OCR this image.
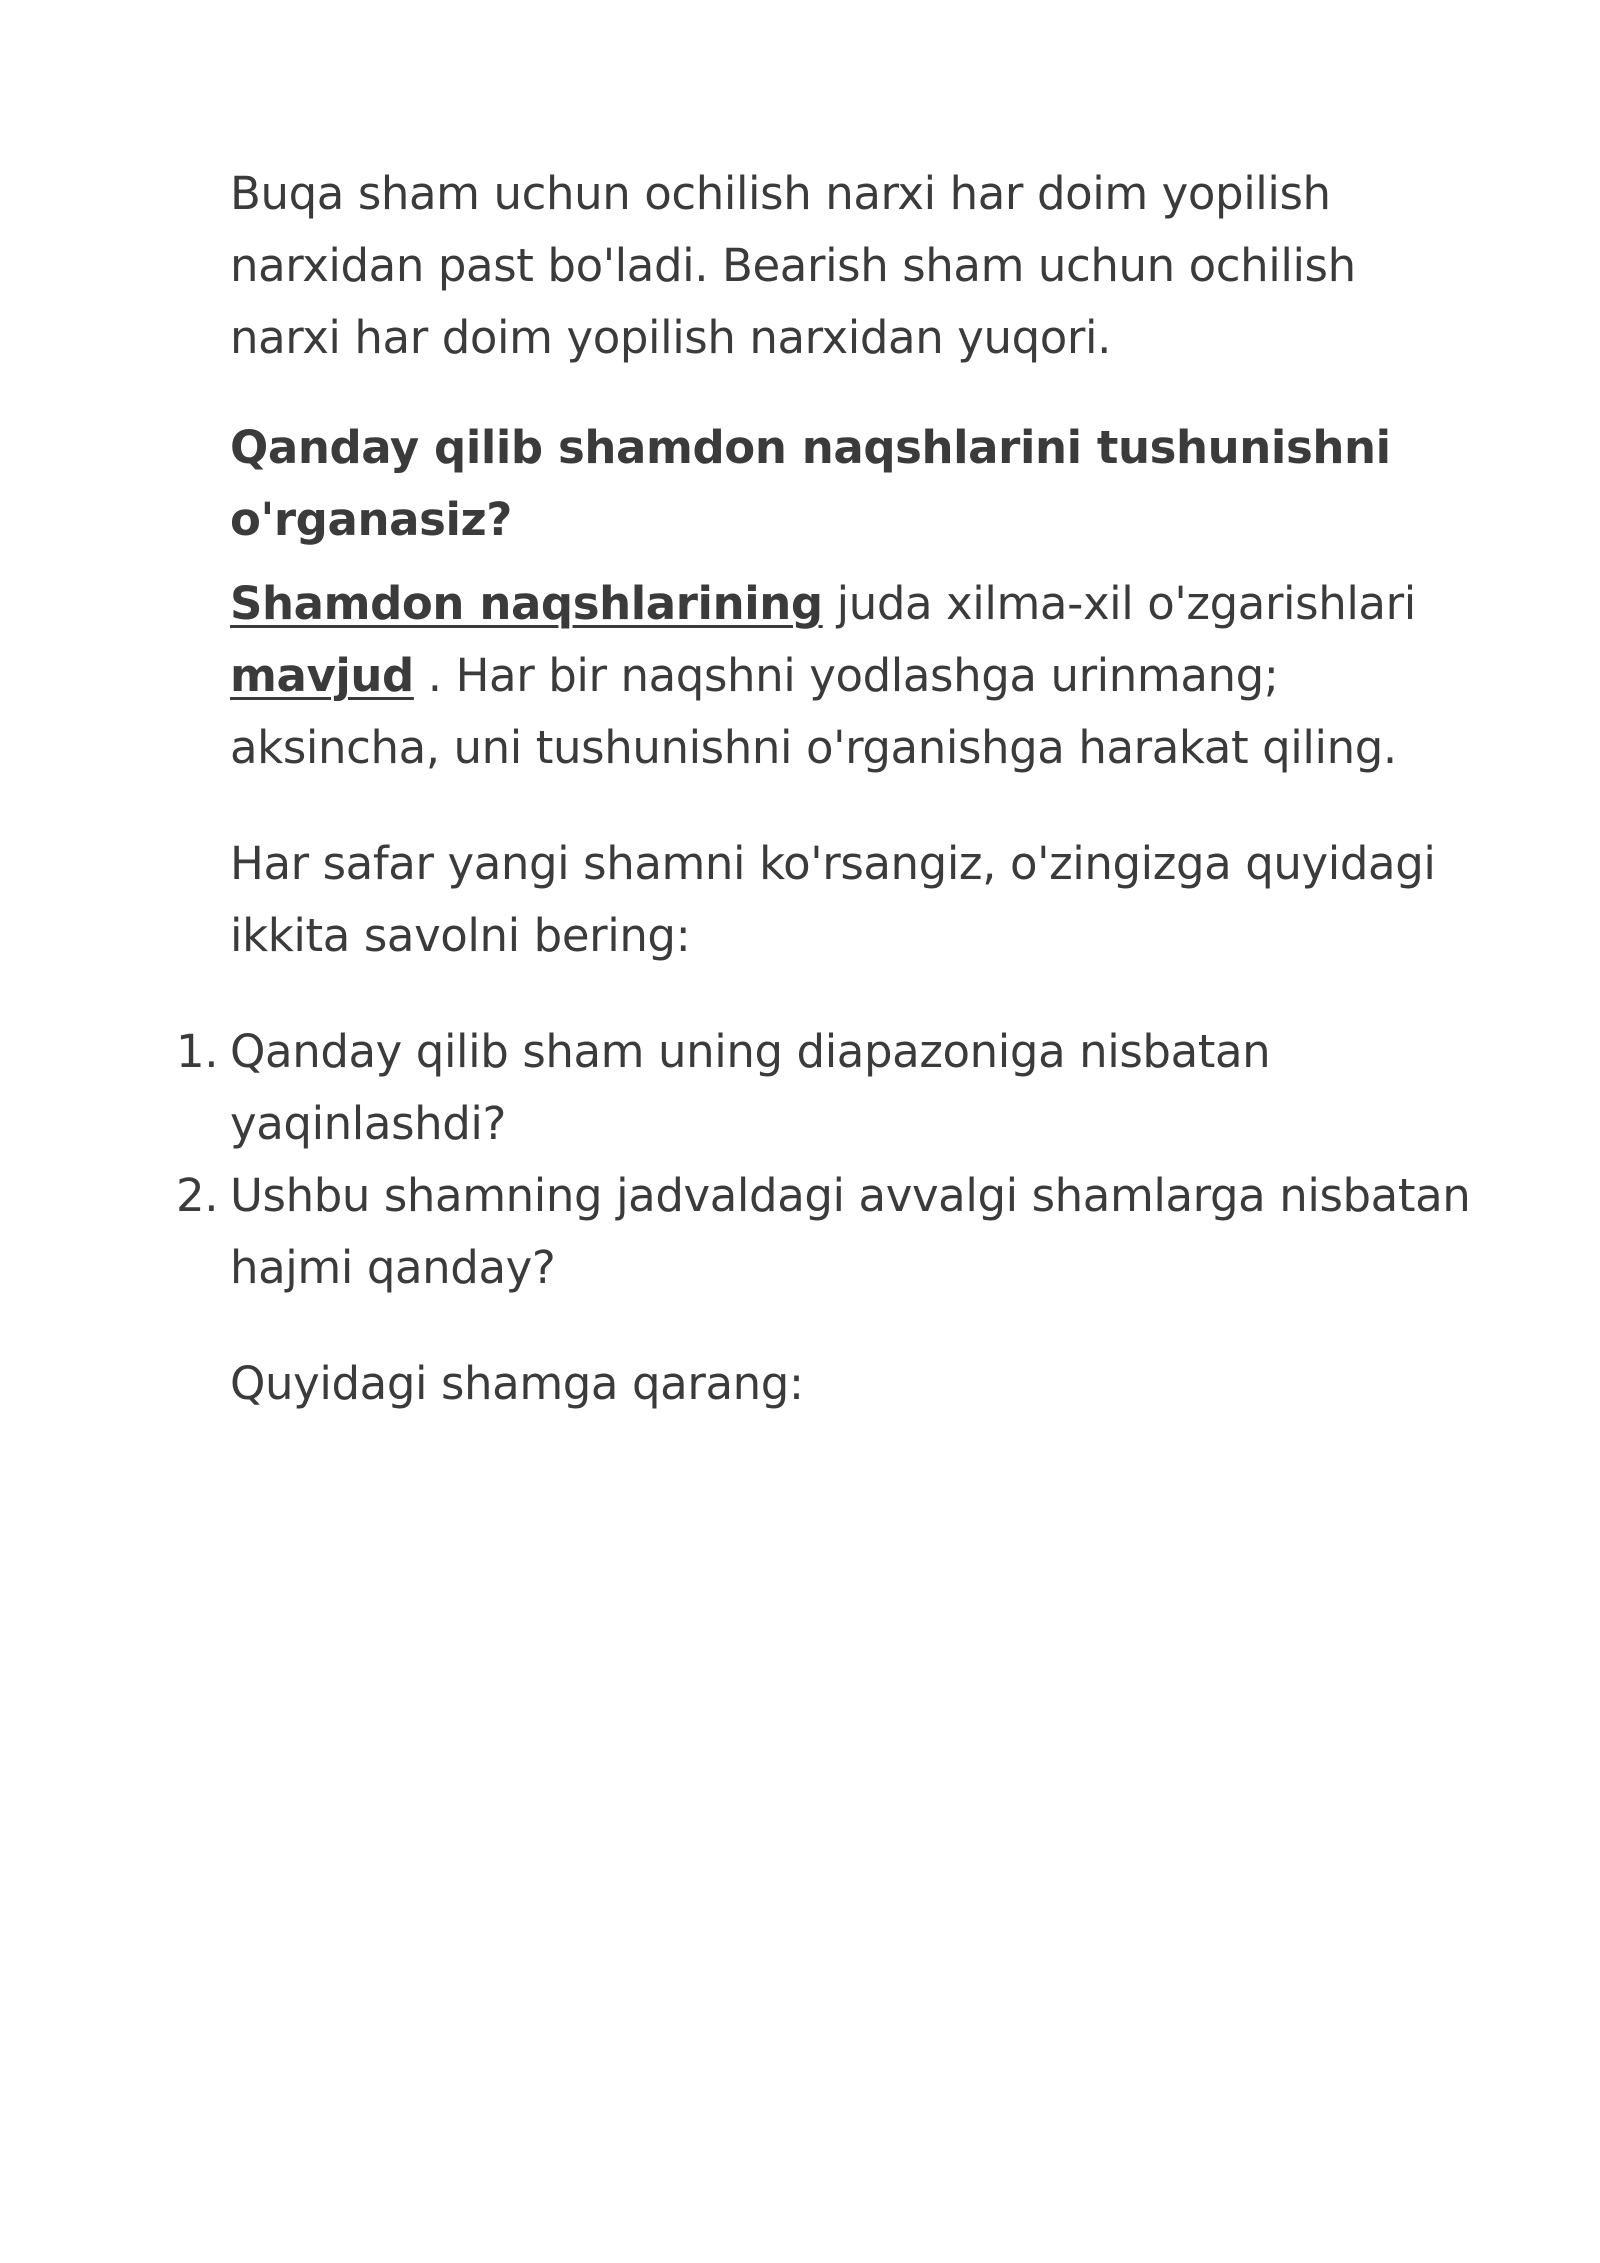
Buqa sham uchun ochilish narxi har doim yopilish narxidan past bo'ladi. Bearish sham uchun ochilish narxi har doim yopilish narxidan yuqori.

Qanday qilib shamdon naqshlarini tushunishni o'rganasiz?

Shamdon naqshlarining juda xilma-xil o'zgarishlari mavjud . Har bir naqshni yodlashga urinmang; aksincha, uni tushunishni o'rganishga harakat qiling.

Har safar yangi shamni ko'rsangiz, o'zingizga quyidagi ikkita savolni bering:

1. Qanday qilib sham uning diapazoniga nisbatan yaqinlashdi?
2. Ushbu shamning jadvaldagi avvalgi shamlarga nisbatan hajmi qanday?

Quyidagi shamga qarang:
